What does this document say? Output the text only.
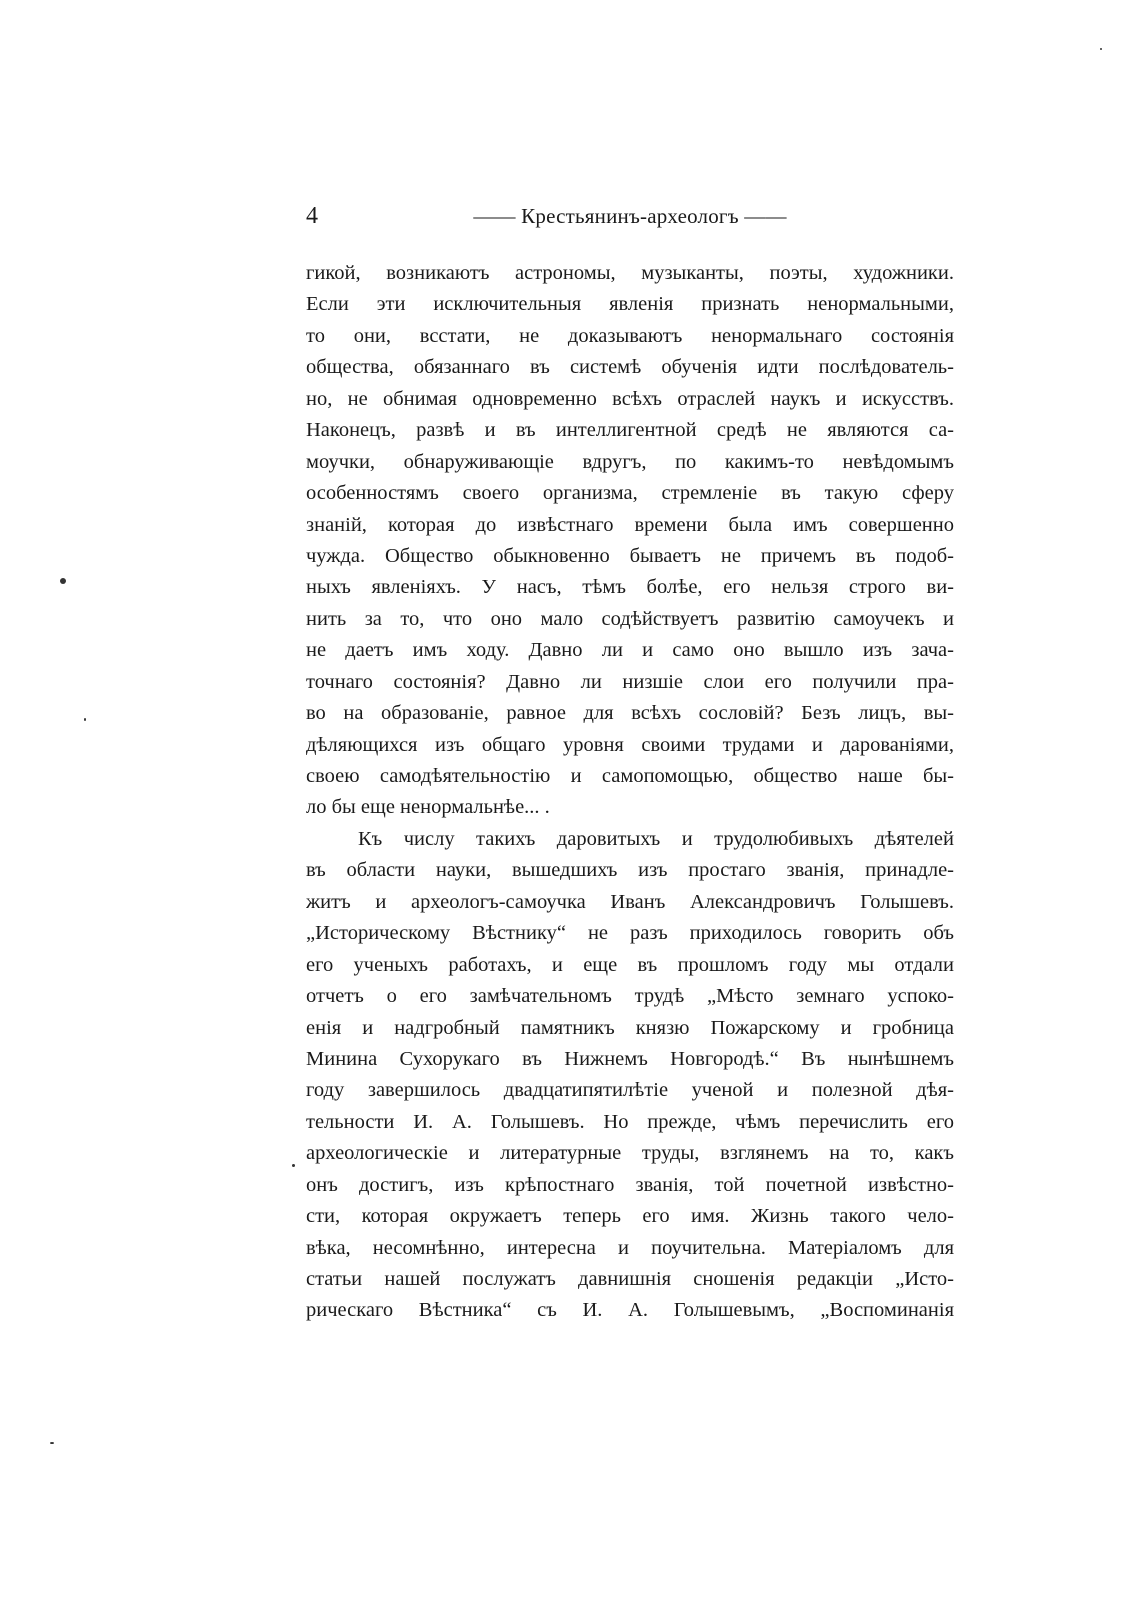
4	—— Крестьянинъ-археологъ ——
гикой, возникаютъ астрономы, музыканты, поэты, художники.
Если эти исключительныя явленія признать ненормальными,
то они, всстати, не доказываютъ ненормальнаго состоянія
общества, обязаннаго въ системѣ обученія идти послѣдователь-
но, не обнимая одновременно всѣхъ отраслей наукъ и искусствъ.
Наконецъ, развѣ и въ интеллигентной средѣ не являются са-
моучки, обнаруживающіе вдругъ, по какимъ-то невѣдомымъ
особенностямъ своего организма, стремленіе въ такую сферу
знаній, которая до извѣстнаго времени была имъ совершенно
чужда. Общество обыкновенно бываетъ не причемъ въ подоб-
ныхъ явленіяхъ. У насъ, тѣмъ болѣе, его нельзя строго ви-
нить за то, что оно мало содѣйствуетъ развитію самоучекъ и
не даетъ имъ ходу. Давно ли и само оно вышло изъ зача-
точнаго состоянія? Давно ли низшіе слои его получили пра-
во на образованіе, равное для всѣхъ сословій? Безъ лицъ, вы-
дѣляющихся изъ общаго уровня своими трудами и дарованіями,
своею самодѣятельностію и самопомощью, общество наше бы-
ло бы еще ненормальнѣе... .
Къ числу такихъ даровитыхъ и трудолюбивыхъ дѣятелей
въ области науки, вышедшихъ изъ простаго званія, принадле-
житъ и археологъ-самоучка Иванъ Александровичъ Голышевъ.
„Историческому Вѣстнику“ не разъ приходилось говорить объ
его ученыхъ работахъ, и еще въ прошломъ году мы отдали
отчетъ о его замѣчательномъ трудѣ „Мѣсто земнаго успоко-
енія и надгробный памятникъ князю Пожарскому и гробница
Минина Сухорукаго въ Нижнемъ Новгородѣ.“ Въ нынѣшнемъ
году завершилось двадцатипятилѣтіе ученой и полезной дѣя-
тельности И. А. Голышевъ. Но прежде, чѣмъ перечислить его
археологическіе и литературные труды, взглянемъ на то, какъ
онъ достигъ, изъ крѣпостнаго званія, той почетной извѣстно-
сти, которая окружаетъ теперь его имя. Жизнь такого чело-
вѣка, несомнѣнно, интересна и поучительна. Матеріаломъ для
статьи нашей послужатъ давнишнія сношенія редакціи „Исто-
рическаго Вѣстника“ съ И. А. Голышевымъ, „Воспоминанія
